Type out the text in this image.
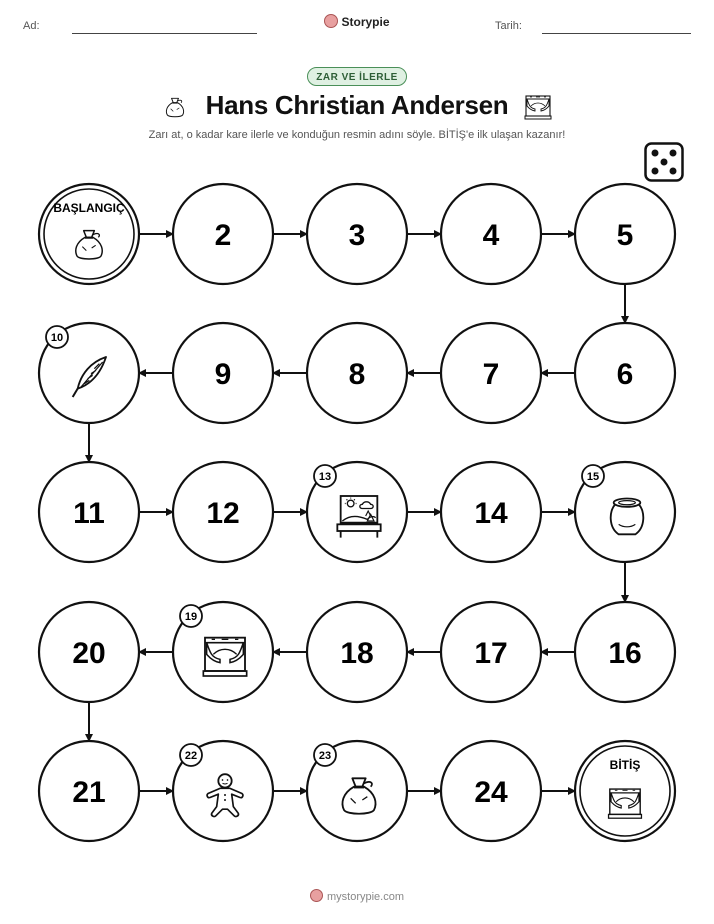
Ad:	Storypie	Tarih:
ZAR VE İLERLE
Hans Christian Andersen
Zarı at, o kadar kare ilerle ve konduğun resmin adını söyle. BİTİŞ'e ilk ulaşan kazanır!
BAŞLANGIÇ
2	3	4	5
6
7
8
9
10
11	12
13
14
15
16
17
18
19
20
21
22	23
24
BİTİŞ
mystorypie.com
